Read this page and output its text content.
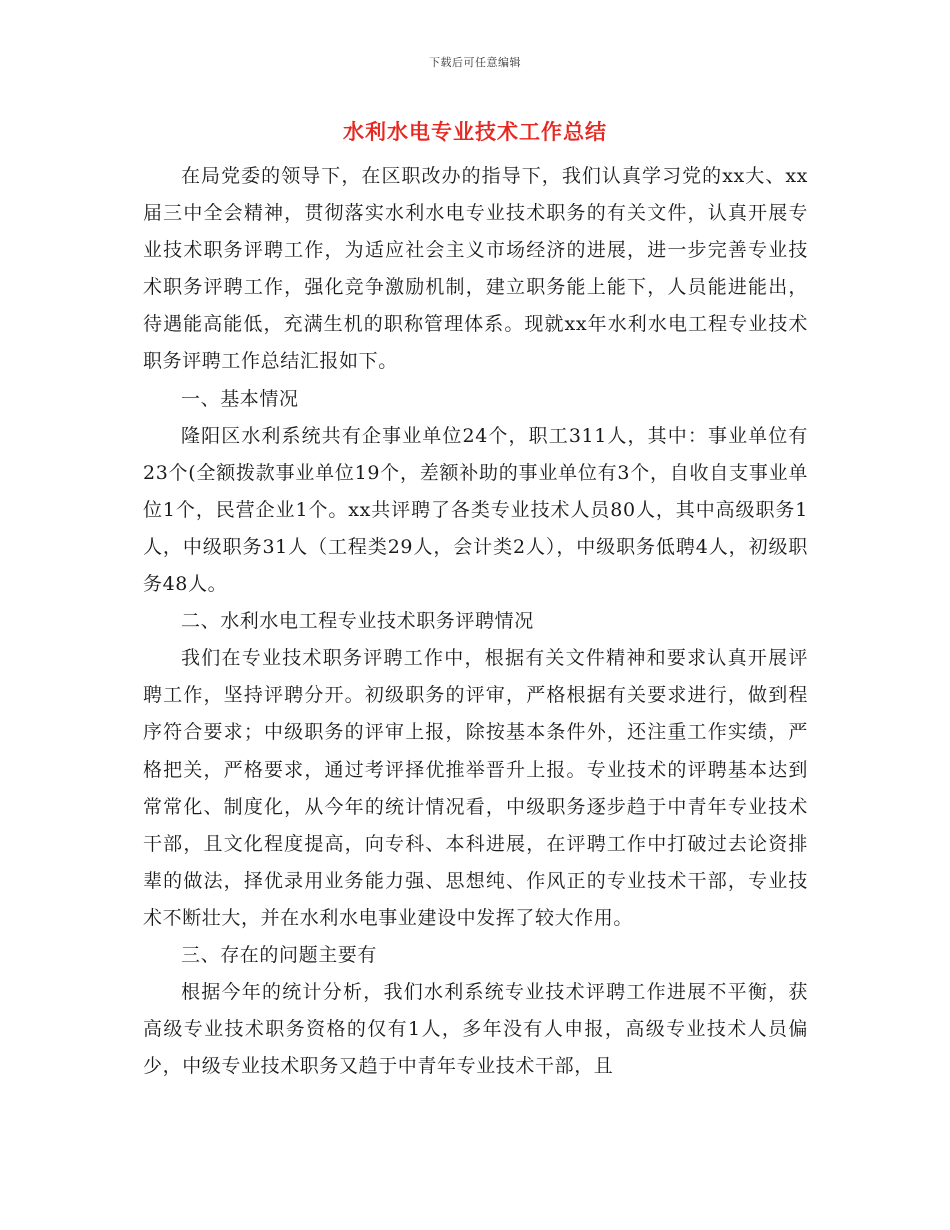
下载后可任意编辑
水利水电专业技术工作总结

在局党委的领导下，在区职改办的指导下，我们认真学习党的xx大、xx届三中全会精神，贯彻落实水利水电专业技术职务的有关文件，认真开展专业技术职务评聘工作，为适应社会主义市场经济的进展，进一步完善专业技术职务评聘工作，强化竞争激励机制，建立职务能上能下，人员能进能出，待遇能高能低，充满生机的职称管理体系。现就xx年水利水电工程专业技术职务评聘工作总结汇报如下。

一、基本情况

隆阳区水利系统共有企事业单位24个，职工311人，其中：事业单位有23个(全额拨款事业单位19个，差额补助的事业单位有3个，自收自支事业单位1个，民营企业1个。xx共评聘了各类专业技术人员80人，其中高级职务1人，中级职务31人（工程类29人，会计类2人），中级职务低聘4人，初级职务48人。

二、水利水电工程专业技术职务评聘情况

我们在专业技术职务评聘工作中，根据有关文件精神和要求认真开展评聘工作，坚持评聘分开。初级职务的评审，严格根据有关要求进行，做到程序符合要求；中级职务的评审上报，除按基本条件外，还注重工作实绩，严格把关，严格要求，通过考评择优推举晋升上报。专业技术的评聘基本达到常常化、制度化，从今年的统计情况看，中级职务逐步趋于中青年专业技术干部，且文化程度提高，向专科、本科进展，在评聘工作中打破过去论资排辈的做法，择优录用业务能力强、思想纯、作风正的专业技术干部，专业技术不断壮大，并在水利水电事业建设中发挥了较大作用。

三、存在的问题主要有

根据今年的统计分析，我们水利系统专业技术评聘工作进展不平衡，获高级专业技术职务资格的仅有1人，多年没有人申报，高级专业技术人员偏少，中级专业技术职务又趋于中青年专业技术干部，且
